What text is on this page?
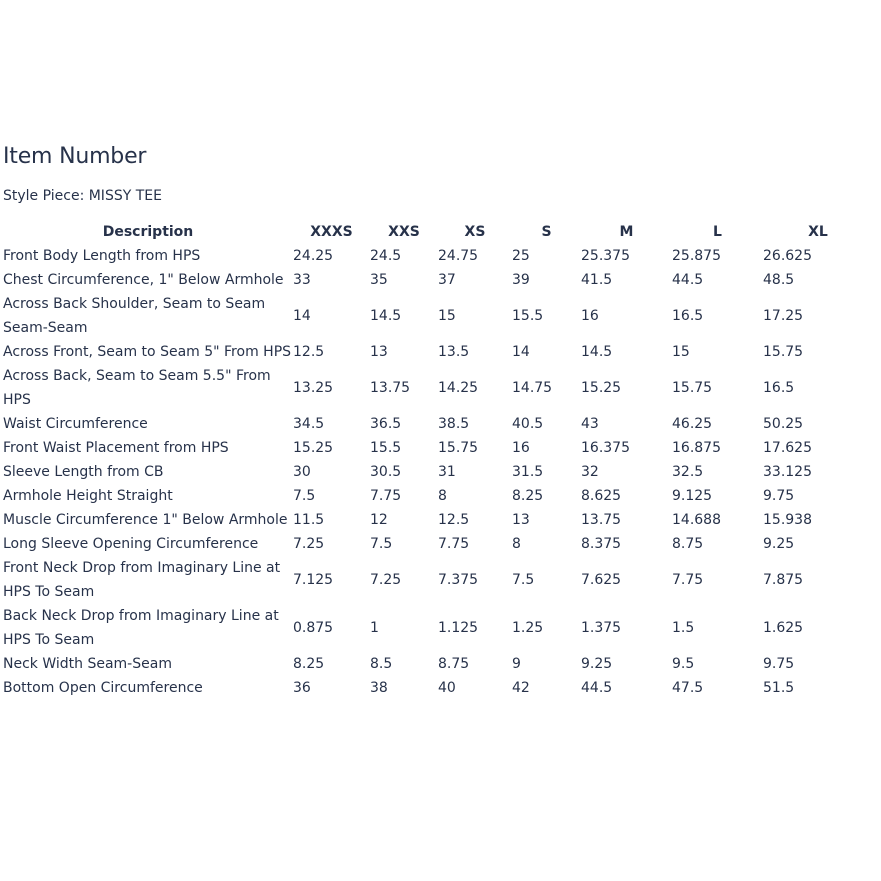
Item Number
Style Piece: MISSY TEE
Description	XXXS	XXS	XS	S	M	L	XL
Front Body Length from HPS	24.25	24.5	24.75	25	25.375	25.875	26.625
Chest Circumference, 1" Below Armhole	33	35	37	39	41.5	44.5	48.5
Across Back Shoulder, Seam to Seam Seam-Seam	14	14.5	15	15.5	16	16.5	17.25
Across Front, Seam to Seam 5" From HPS	12.5	13	13.5	14	14.5	15	15.75
Across Back, Seam to Seam 5.5" From HPS	13.25	13.75	14.25	14.75	15.25	15.75	16.5
Waist Circumference	34.5	36.5	38.5	40.5	43	46.25	50.25
Front Waist Placement from HPS	15.25	15.5	15.75	16	16.375	16.875	17.625
Sleeve Length from CB	30	30.5	31	31.5	32	32.5	33.125
Armhole Height Straight	7.5	7.75	8	8.25	8.625	9.125	9.75
Muscle Circumference 1" Below Armhole	11.5	12	12.5	13	13.75	14.688	15.938
Long Sleeve Opening Circumference	7.25	7.5	7.75	8	8.375	8.75	9.25
Front Neck Drop from Imaginary Line at HPS To Seam	7.125	7.25	7.375	7.5	7.625	7.75	7.875
Back Neck Drop from Imaginary Line at HPS To Seam	0.875	1	1.125	1.25	1.375	1.5	1.625
Neck Width Seam-Seam	8.25	8.5	8.75	9	9.25	9.5	9.75
Bottom Open Circumference	36	38	40	42	44.5	47.5	51.5
